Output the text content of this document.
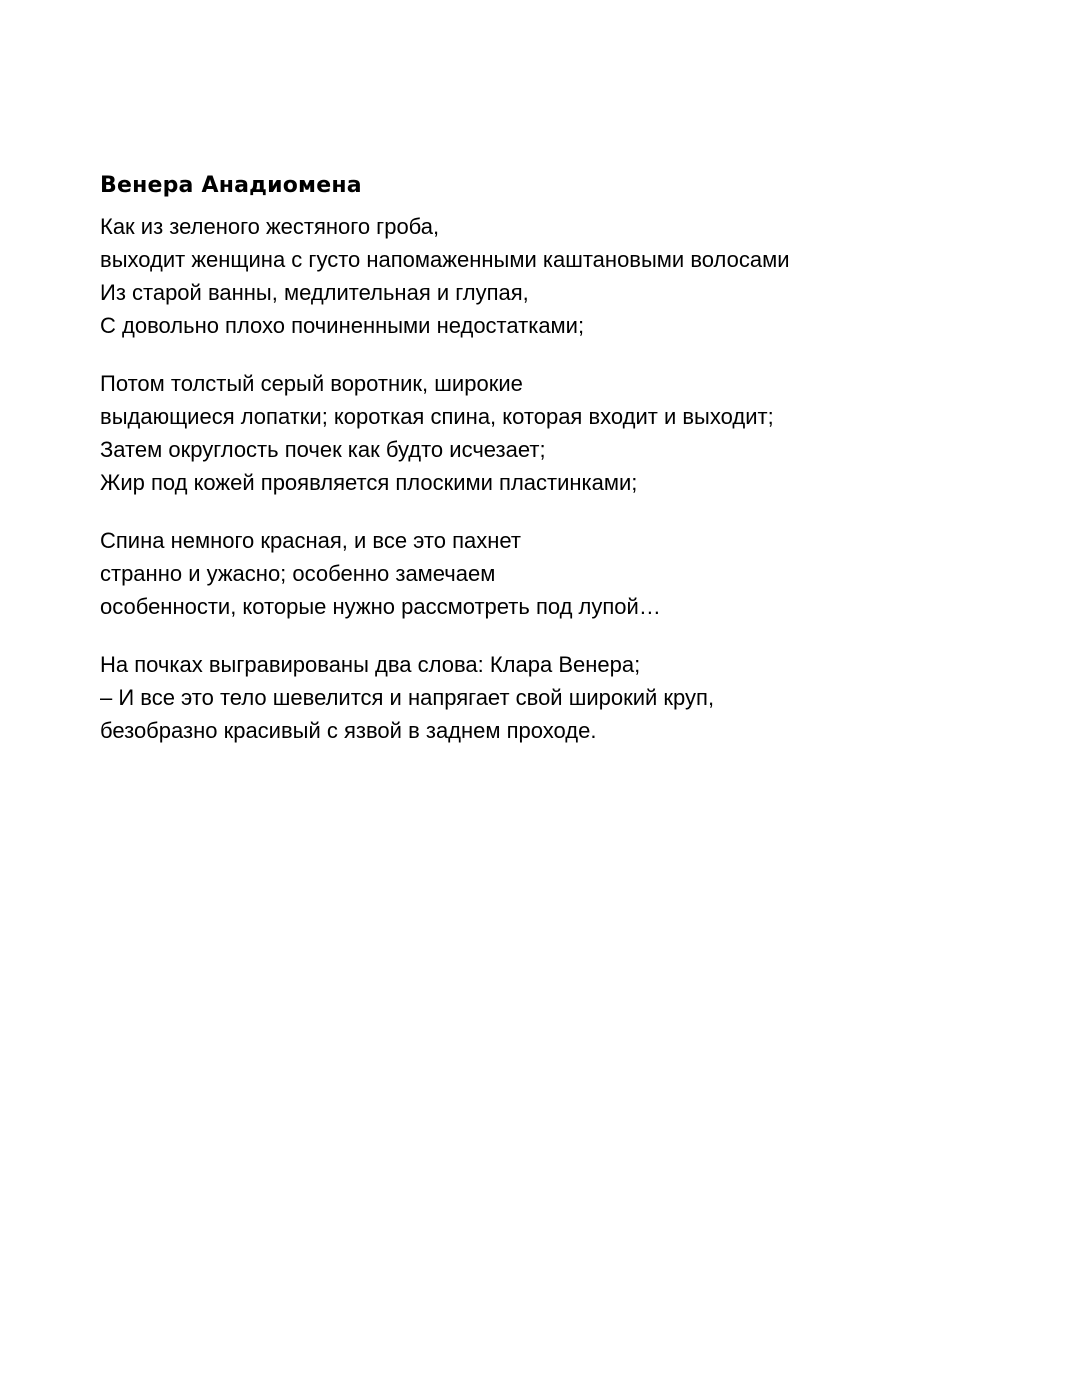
Венера Анадиомена
Как из зеленого жестяного гроба,
выходит женщина с густо напомаженными каштановыми волосами
Из старой ванны, медлительная и глупая,
С довольно плохо починенными недостатками;
Потом толстый серый воротник, широкие
выдающиеся лопатки; короткая спина, которая входит и выходит;
Затем округлость почек как будто исчезает;
Жир под кожей проявляется плоскими пластинками;
Спина немного красная, и все это пахнет
странно и ужасно; особенно замечаем
особенности, которые нужно рассмотреть под лупой…
На почках выгравированы два слова: Клара Венера;
– И все это тело шевелится и напрягает свой широкий круп,
безобразно красивый с язвой в заднем проходе.
